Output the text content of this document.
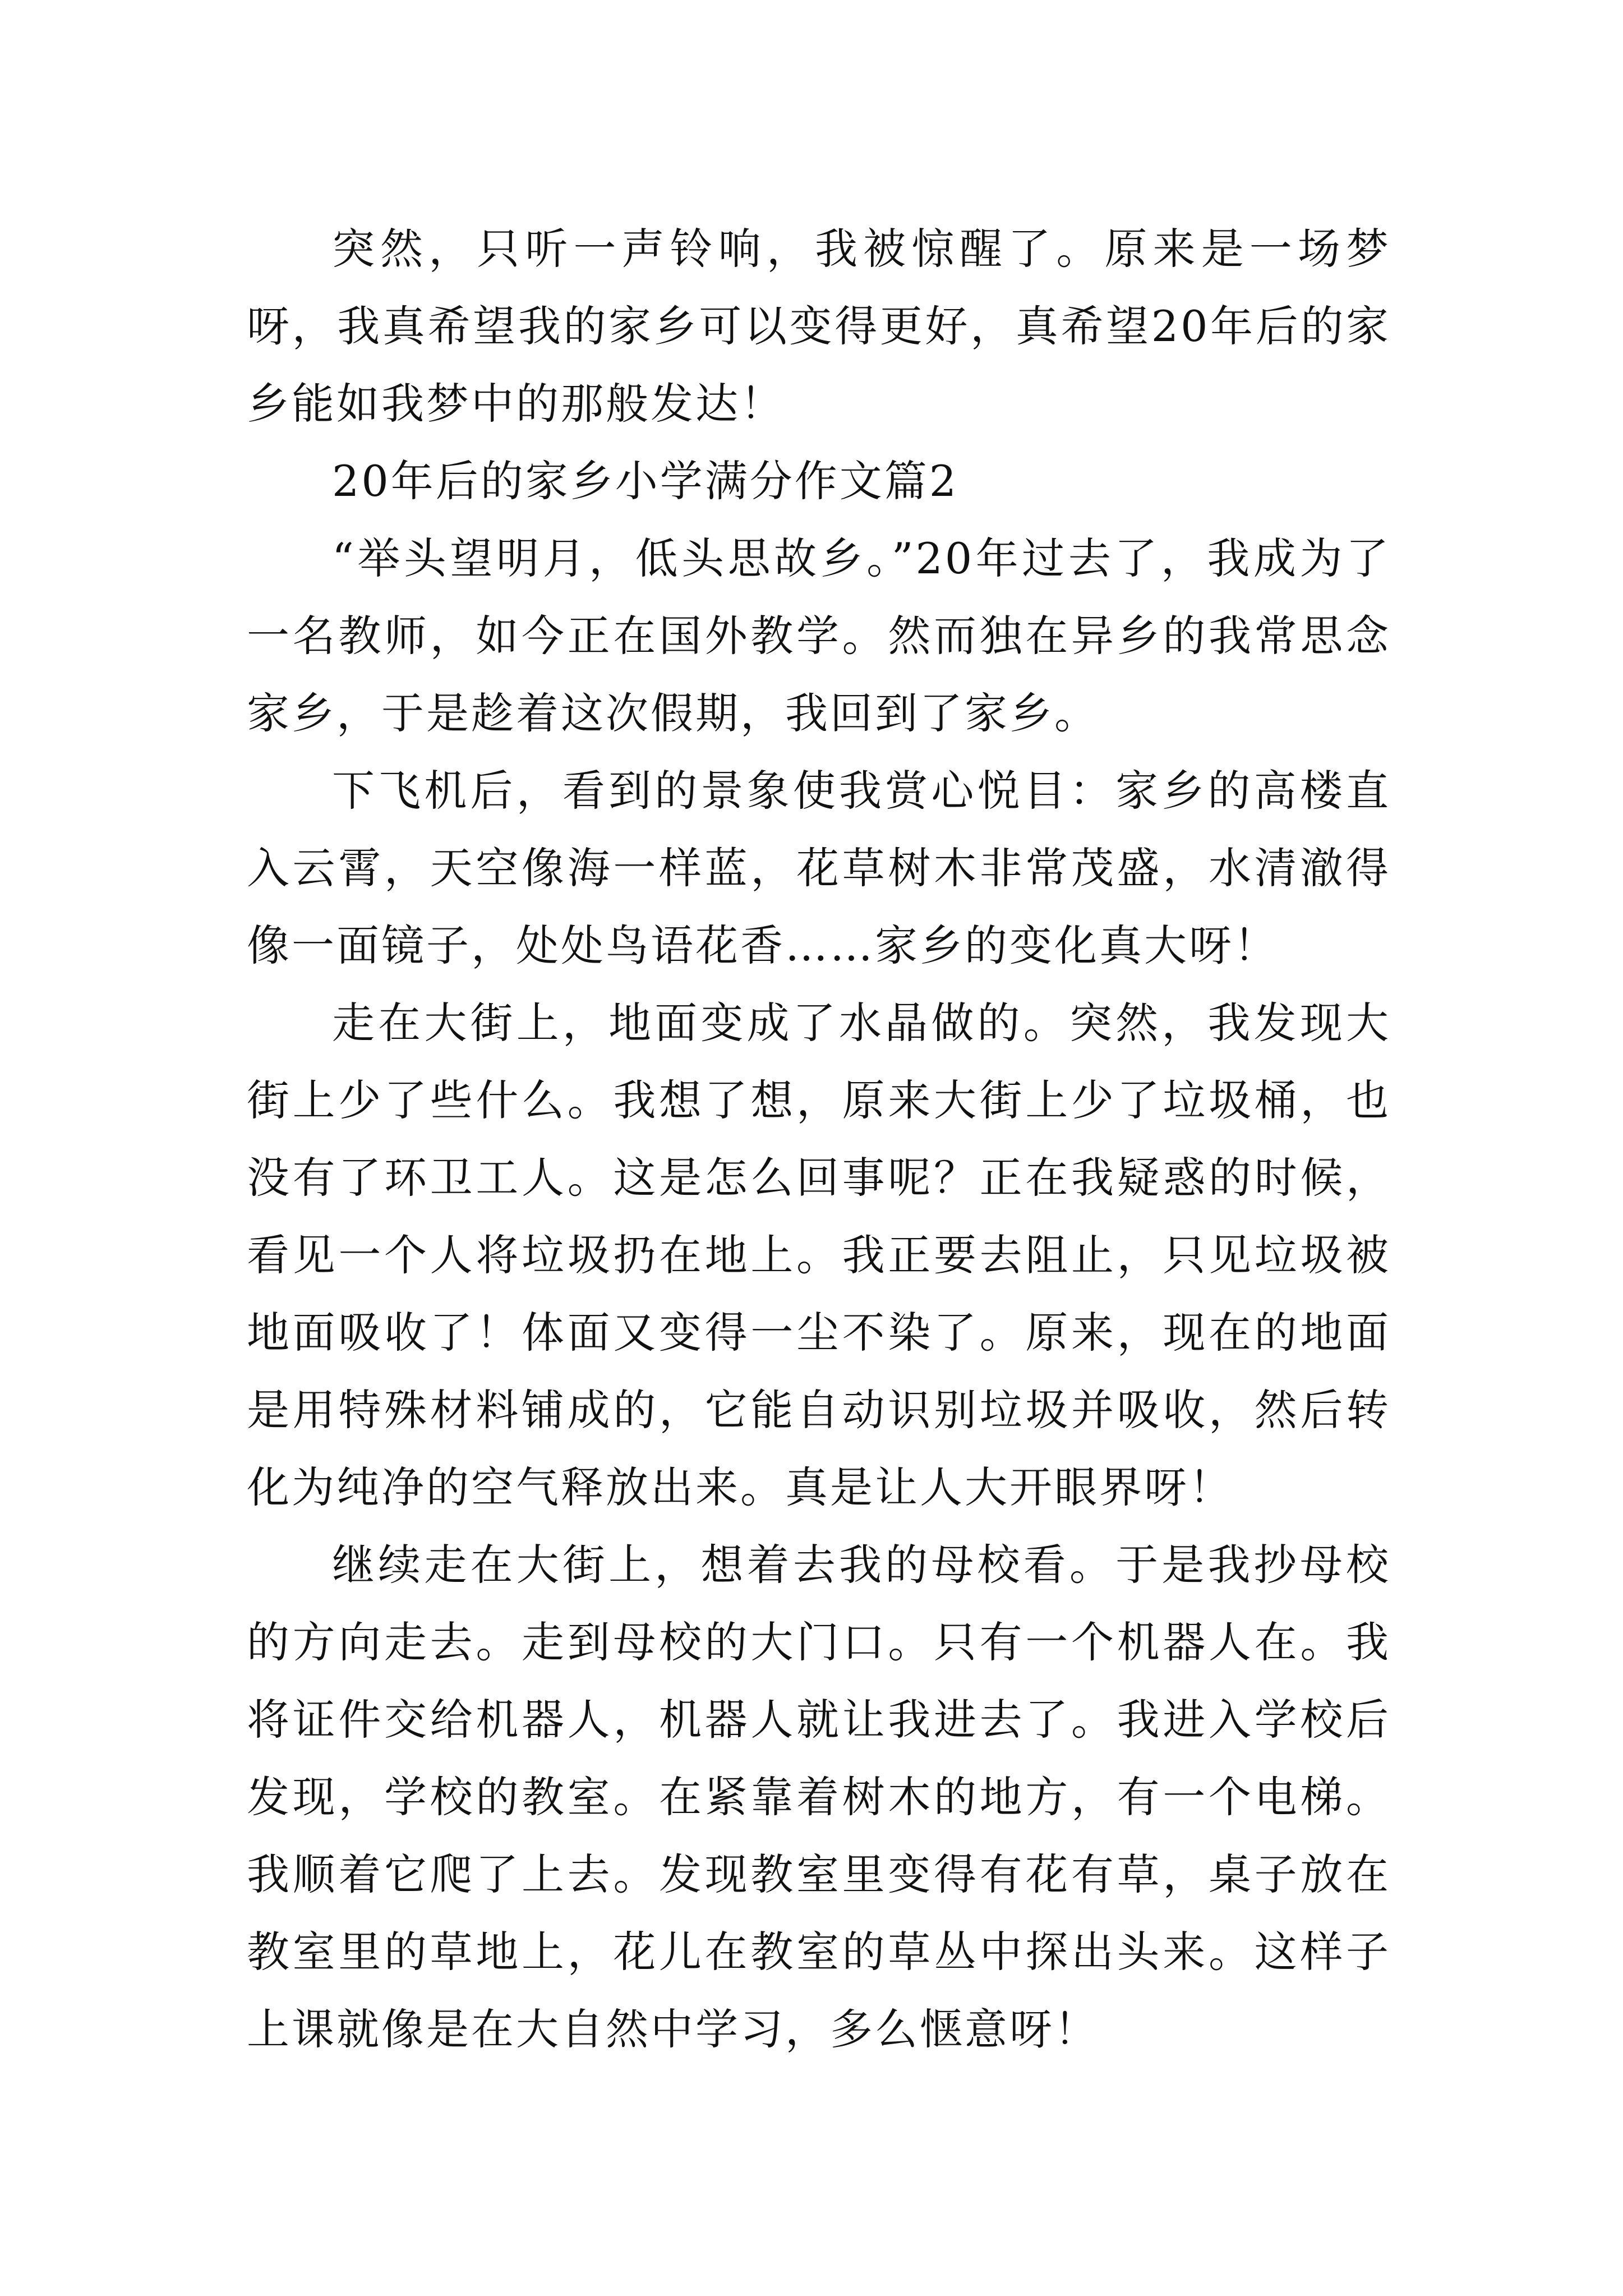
突然，只听一声铃响，我被惊醒了。原来是一场梦呀，我真希望我的家乡可以变得更好，真希望20年后的家乡能如我梦中的那般发达！

20年后的家乡小学满分作文篇2

“举头望明月，低头思故乡。”20年过去了，我成为了一名教师，如今正在国外教学。然而独在异乡的我常思念家乡，于是趁着这次假期，我回到了家乡。

下飞机后，看到的景象使我赏心悦目：家乡的高楼直入云霄，天空像海一样蓝，花草树木非常茂盛，水清澈得像一面镜子，处处鸟语花香……家乡的变化真大呀！

走在大街上，地面变成了水晶做的。突然，我发现大街上少了些什么。我想了想，原来大街上少了垃圾桶，也没有了环卫工人。这是怎么回事呢？正在我疑惑的时候，看见一个人将垃圾扔在地上。我正要去阻止，只见垃圾被地面吸收了！体面又变得一尘不染了。原来，现在的地面是用特殊材料铺成的，它能自动识别垃圾并吸收，然后转化为纯净的空气释放出来。真是让人大开眼界呀！

继续走在大街上，想着去我的母校看。于是我抄母校的方向走去。走到母校的大门口。只有一个机器人在。我将证件交给机器人，机器人就让我进去了。我进入学校后发现，学校的教室。在紧靠着树木的地方，有一个电梯。我顺着它爬了上去。发现教室里变得有花有草，桌子放在教室里的草地上，花儿在教室的草丛中探出头来。这样子上课就像是在大自然中学习，多么惬意呀！
